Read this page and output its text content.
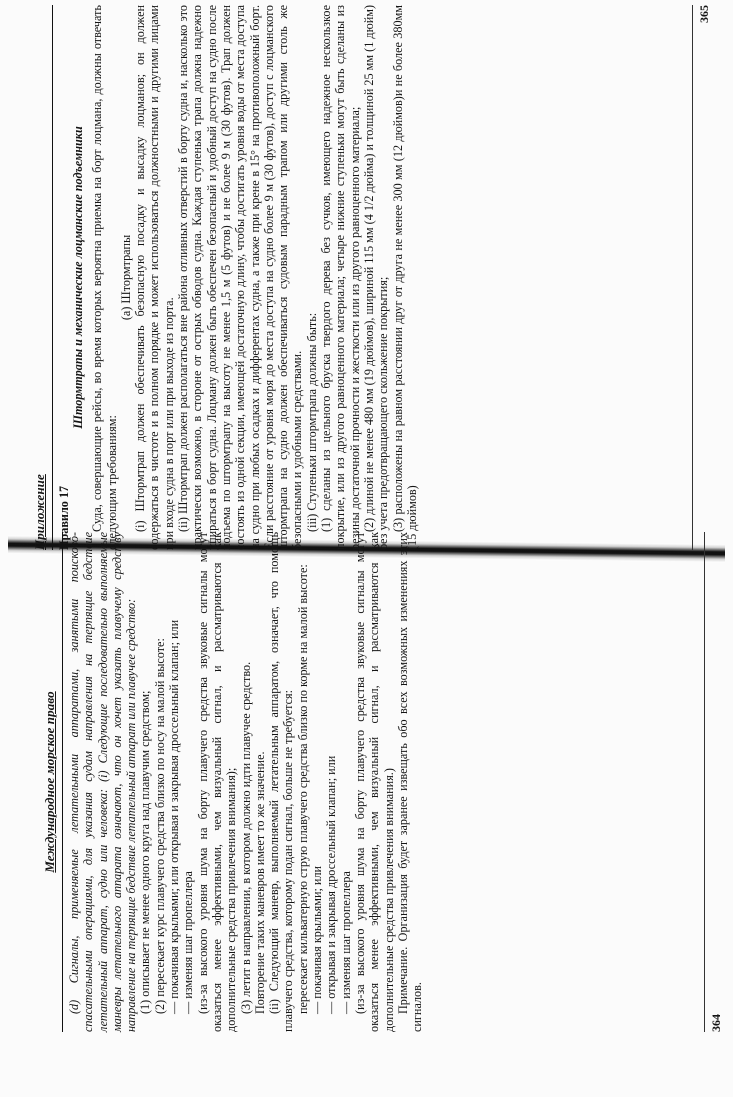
Приложение Правило 17

Штормтрапы и механические лоцманские подъемники Суда, совершающие рейсы, во время которых вероятна приемка на борт лоцмана, должны отвечать следующим требованиям:

(a) Штормтрапы (i) Штормтрап должен обеспечивать безопасную посадку и высадку лоцманов; он должен содержаться в чистоте и в полном порядке и может использоваться должностными и другими лицами при входе судна в порт или при выходе из порта. (ii) Штормтрап должен располагаться вне района отливных отверстий в борту судна и, насколько это практически возможно, в стороне от острых обводов судна. Каждая ступенька трапа должна надежно упираться в борт судна. Лоцману должен быть обеспечен безопасный и удобный доступ на судно после подъема по штормтрапу на высоту не менее 1,5 м (5 футов) и не более 9 м (30 футов). Трап должен состоять из одной секции, имеющей достаточную длину, чтобы достигать уровня воды от места доступа на судно при любых осадках и дифферентах судна, а также при крене в 15° на противоположный борт. Если расстояние от уровня моря до места доступа на судно более 9 м (30 футов), доступ с лоцманского штормтрапа на судно должен обеспечиваться судовым парадным трапом или другими столь же безопасными и удобными средствами. (iii) Ступеньки штормтрапа должны быть: (1) сделаны из цельного бруска твердого дерева без сучков, имеющего надежное нескользкое покрытие, или из другого равноценного материала; четыре нижние ступеньки могут быть сделаны из резины достаточной прочности и жесткости или из другого равноценного материала; (2) длиной не менее 480 мм (19 дюймов), шириной 115 мм (4 1/2 дюйма) и толщиной 25 мм (1 дюйм) без учета предотвращающего скольжение покрытия; (3) расположены на равном расстоянии друг от друга не менее 300 мм (12 дюймов)и не более 380мм (15 дюймов)

365
Международное морское право (d) Сигналы, применяемые летательными аппаратами, занятыми поисково-спасательными операциями, для указания судам направления на терпящие бедствие летательный аппарат, судно или человека: (i) Следующие последовательно выполняемые маневры летательного аппарата означают, что он хочет указать плавучему средству направление на терпящие бедствие летательный аппарат или плавучее средство: (1) описывает не менее одного круга над плавучим средством; (2) пересекает курс плавучего средства близко по носу на малой высоте: — покачивая крыльями; или открывая и закрывая дроссельный клапан; или — изменяя шаг пропеллера (из-за высокого уровня шума на борту плавучего средства звуковые сигналы могут оказаться менее эффективными, чем визуальный сигнал, и рассматриваются как дополнительные средства привлечения внимания); (3) летит в направлении, в котором должно идти плавучее средство. Повторение таких маневров имеет то же значение. (ii) Следующий маневр, выполняемый летательным аппаратом, означает, что помощь плавучего средства, которому подан сигнал, больше не требуется: пересекает кильватерную струю плавучего средства близко по корме на малой высоте: — покачивая крыльями; или — открывая и закрывая дроссельный клапан; или — изменяя шаг пропеллера (из-за высокого уровня шума на борту плавучего средства звуковые сигналы могут оказаться менее эффективными, чем визуальный сигнал, и рассматриваются как дополнительные средства привлечения внимания.) Примечание. Организация будет заранее извещать обо всех возможных изменениях этих сигналов.	364
